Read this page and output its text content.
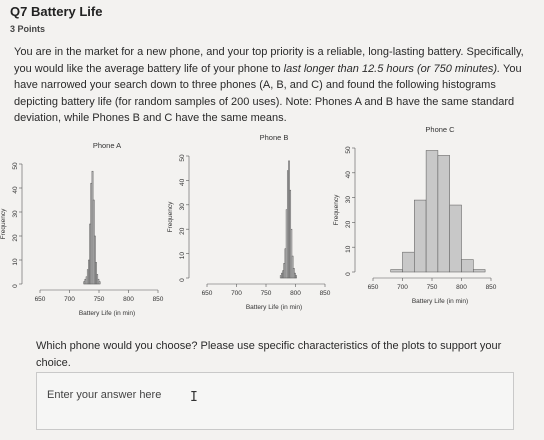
Q7 Battery Life
3 Points
You are in the market for a new phone, and your top priority is a reliable, long-lasting battery. Specifically, you would like the average battery life of your phone to last longer than 12.5 hours (or 750 minutes). You have narrowed your search down to three phones (A, B, and C) and found the following histograms depicting battery life (for random samples of 200 uses). Note: Phones A and B have the same standard deviation, while Phones B and C have the same means.
Phone A
650	700	750	800	850
Battery Life (in min)
0
10
20
30
40
50
Frequency
Phone B
650	700	750	800	850
Battery Life (in min)
0
10
20
30
40
50
Frequency
Phone C
650	700	750	800	850
Battery Life (in min)
0
10
20
30
40
50
Frequency
Which phone would you choose? Please use specific characteristics of the plots to support your choice.
Enter your answer here
I
